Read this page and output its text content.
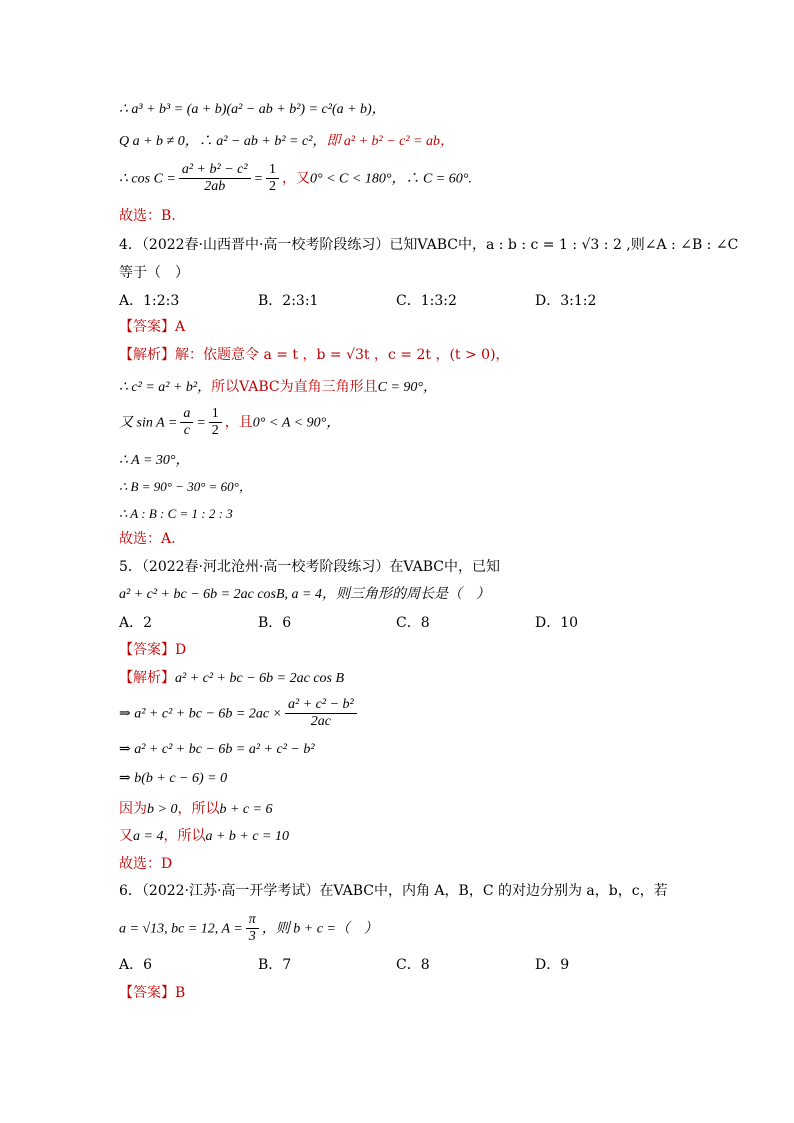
∴ a³ + b³ = (a + b)(a² − ab + b²) = c²(a + b)，
Q a + b ≠ 0，∴ a² − ab + b² = c²，即 a² + b² − c² = ab，
∴ $\cos C = \frac{\text{a² + b² − c²}}{2ab} = \frac{1}{2}$ ，又0° < C < 180°，∴ C = 60°.
故选：B.
4．（2022春·山西晋中·高一校考阶段练习）已知VABC中，a : b : c = 1 : √3 : 2 ,则∠A : ∠B : ∠C
等于（　）
A．1:2:3	B．2:3:1	C．1:3:2	D．3:1:2
【答案】A
【解析】解：依题意令 a = t ，b = √3t ，c = 2t ，(t > 0)，
∴ c² = a² + b²，所以VABC为直角三角形且C = 90°，
又 $\sin A = \frac{a}{c} = \frac{1}{2}$ ，且0° < A < 90°，
∴ A = 30°，
∴ B = 90° − 30° = 60°，
∴ A : B : C = 1 : 2 : 3
故选：A.
5．（2022春·河北沧州·高一校考阶段练习）在VABC中，已知
a² + c² + bc − 6b = 2ac cosB, a = 4，则三角形的周长是（　）
A．2	B．6	C．8	D．10
【答案】D
【解析】a² + c² + bc − 6b = 2ac cos B
⇒ a² + c² + bc − $6b = 2ac \times \frac{\text{a² + c² − b²}}{2ac}$
⇒ a² + c² + bc − 6b = a² + c² − b²
⇒ b(b + c − 6) = 0
因为b > 0，所以b + c = 6
又a = 4，所以a + b + c = 10
故选：D
6．（2022·江苏·高一开学考试）在VABC中，内角 A，B，C 的对边分别为 a，b，c，若
a = √13, bc = 12, $A = \frac{\pi}{3}$ ，则 b + c =（　）
A．6	B．7	C．8	D．9
【答案】B
